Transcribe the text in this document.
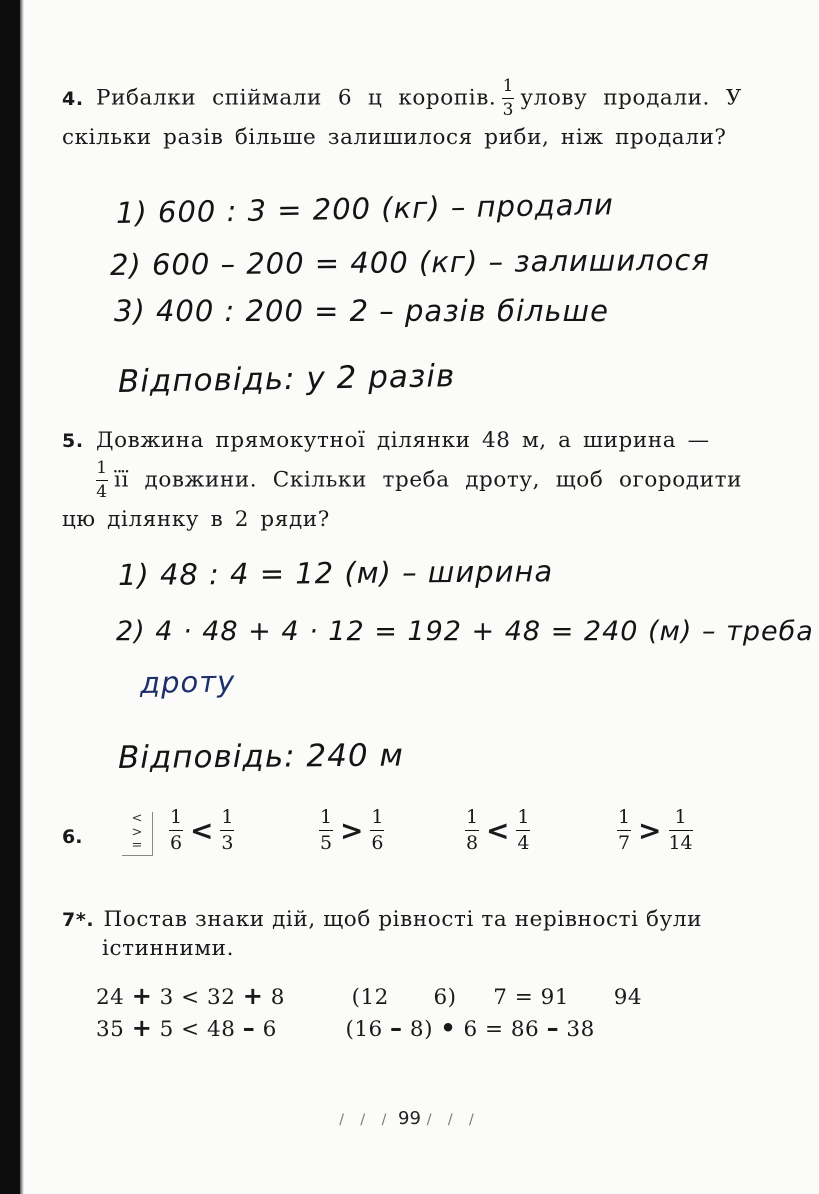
4. Рибалки спіймали 6 ц коропів. $\frac{1}{3}$ улову продали. У скільки разів більше залишилося риби, ніж продали?
1) 600 : 3 = 200 (кг) – продали
2) 600 – 200 = 400 (кг) – залишилося
3) 400 : 200 = 2 – разів більше
Відповідь: у 2 разів
5. Довжина прямокутної ділянки 48 м, а ширина —

$\frac{1}{4}$ її довжини. Скільки треба дроту, щоб огородити цю ділянку в 2 ряди?
1) 48 : 4 = 12 (м) – ширина
2) 4 · 48 + 4 · 12 = 192 + 48 = 240 (м) – треба
дроту
Відповідь: 240 м
6.
<
>
=	$\frac{1}{6} < \frac{1}{3}$	$\frac{1}{5} > \frac{1}{6}$	$\frac{1}{8} < \frac{1}{4}$	$\frac{1}{7} > \frac{1}{14}$
7*. Постав знаки дій, щоб рівності та нерівності були
істинними.
24 + 3 < 32 + 8	(12 6) 7 = 91 94
35 + 5 < 48 – 6	(16 – 8) • 6 = 86 – 38
/ / / 99 / / /
